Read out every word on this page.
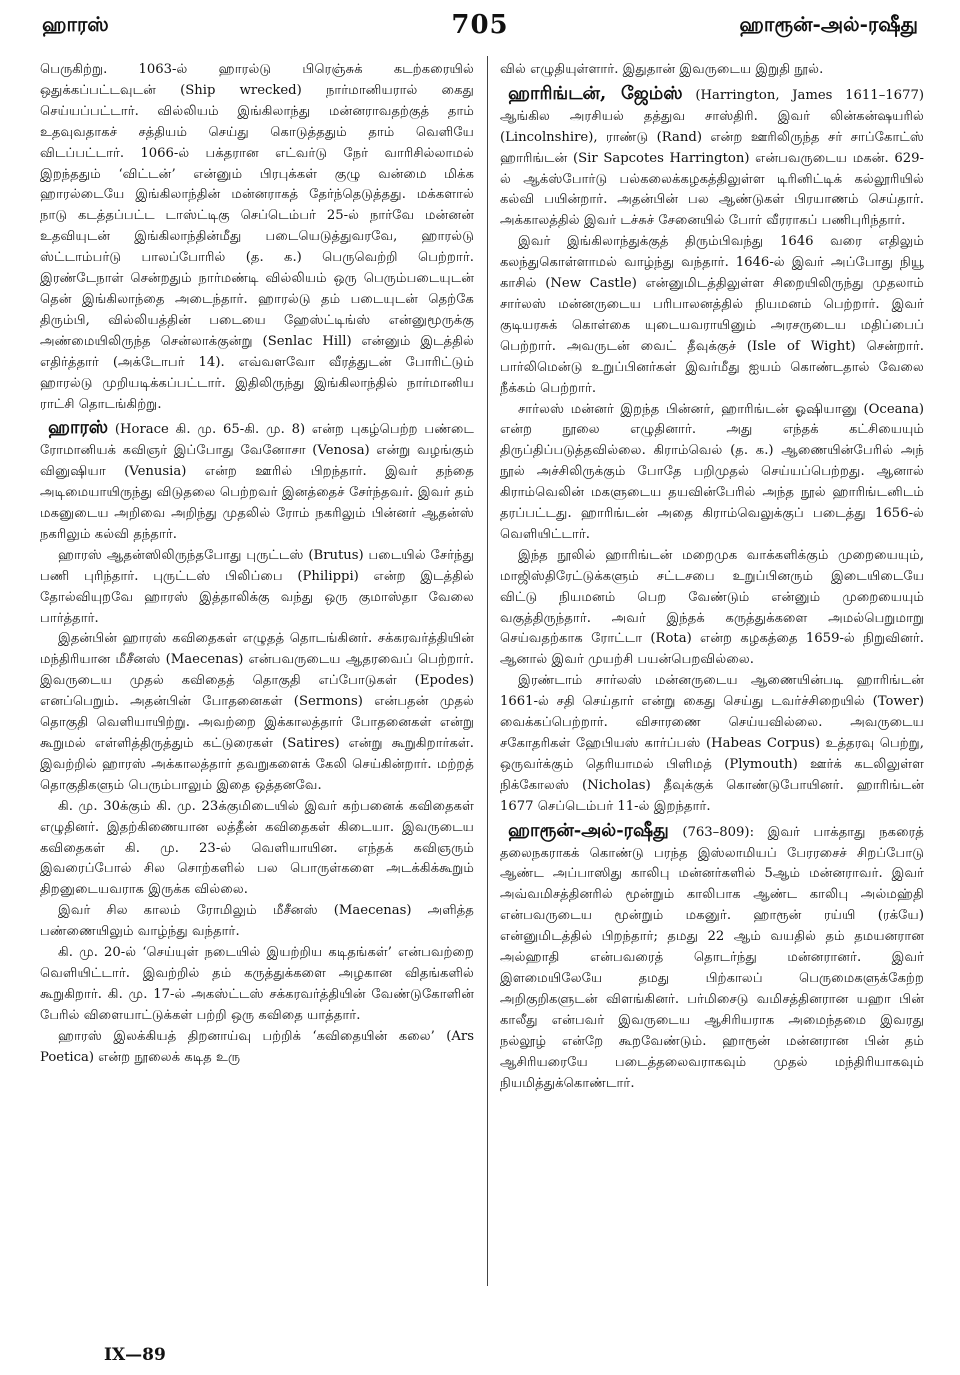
ஹாரஸ்	705	ஹாரூன்-அல்-ரஷீது

பெருகிற்று. 1063-ல் ஹாரல்டு பிரெஞ்சுக் கடற்கரையில் ஒதுக்கப்பட்டவுடன் (Ship wrecked) நார்மானியரால் கைது செய்யப்பட்டார். வில்லியம் இங்கிலாந்து மன்னராவதற்குத் தாம் உதவுவதாகச் சத்தியம் செய்து கொடுத்ததும் தாம் வெளியே விடப்பட்டார். 1066-ல் பக்தரான எட்வர்டு நேர் வாரிசில்லாமல் இறந்ததும் ‘விட்டன்’ என்னும் பிரபுக்கள் குழு வன்மை மிக்க ஹாரல்டையே இங்கிலாந்தின் மன்னராகத் தேர்ந்தெடுத்தது. மக்களால் நாடு கடத்தப்பட்ட டாஸ்ட்டிகு செப்டெம்பர் 25-ல் நார்வே மன்னன் உதவியுடன் இங்கிலாந்தின்மீது படையெடுத்துவரவே, ஹாரல்டு ஸ்ட்டாம்பர்டு பாலப்போரில் (த. க.) பெருவெற்றி பெற்றார். இரண்டேநாள் சென்றதும் நார்மண்டி வில்லியம் ஒரு பெரும்படையுடன் தென் இங்கிலாந்தை அடைந்தார். ஹாரல்டு தம் படையுடன் தெற்கே திரும்பி, வில்லியத்தின் படையை ஹேஸ்ட்டிங்ஸ் என்னுமூருக்கு அண்மையிலிருந்த சென்லாக்குன்று (Senlac Hill) என்னும் இடத்தில் எதிர்த்தார் (அக்டோபர் 14). எவ்வளவோ வீரத்துடன் போரிட்டும் ஹாரல்டு முறியடிக்கப்பட்டார். இதிலிருந்து இங்கிலாந்தில் நார்மானிய ராட்சி தொடங்கிற்று.

ஹாரஸ் (Horace கி. மு. 65-கி. மு. 8) என்ற புகழ்பெற்ற பண்டை ரோமானியக் கவிஞர் இப்போது வேனோசா (Venosa) என்று வழங்கும் வினுஷியா (Venusia) என்ற ஊரில் பிறந்தார். இவர் தந்தை அடிமையாயிருந்து விடுதலை பெற்றவர் இனத்தைச் சேர்ந்தவர். இவர் தம் மகனுடைய அறிவை அறிந்து முதலில் ரோம் நகரிலும் பின்னர் ஆதன்ஸ் நகரிலும் கல்வி தந்தார்.

ஹாரஸ் ஆதன்ஸிலிருந்தபோது புருட்டஸ் (Brutus) படையில் சேர்ந்து பணி புரிந்தார். புருட்டஸ் பிலிப்பை (Philippi) என்ற இடத்தில் தோல்வியுறவே ஹாரஸ் இத்தாலிக்கு வந்து ஒரு குமாஸ்தா வேலை பார்த்தார்.

இதன்பின் ஹாரஸ் கவிதைகள் எழுதத் தொடங்கினர். சக்கரவர்த்தியின் மந்திரியான மீசீனஸ் (Maecenas) என்பவருடைய ஆதரவைப் பெற்றார். இவருடைய முதல் கவிதைத் தொகுதி எப்போடுகள் (Epodes) எனப்பெறும். அதன்பின் போதனைகள் (Sermons) என்பதன் முதல் தொகுதி வெளியாயிற்று. அவற்றை இக்காலத்தார் போதனைகள் என்று கூறுமல் எள்ளித்திருத்தும் கட்டுரைகள் (Satires) என்று கூறுகிறார்கள். இவற்றில் ஹாரஸ் அக்காலத்தார் தவறுகளைக் கேலி செய்கின்றார். மற்றத் தொகுதிகளும் பெரும்பாலும் இதை ஒத்தனவே.

கி. மு. 30க்கும் கி. மு. 23க்குமிடையில் இவர் கற்பனைக் கவிதைகள் எழுதினர். இதற்கிணையான லத்தீன் கவிதைகள் கிடையா. இவருடைய கவிதைகள் கி. மு. 23-ல் வெளியாயின. எந்தக் கவிஞரும் இவரைப்போல் சில சொற்களில் பல பொருள்களை அடக்கிக்கூறும் திறனுடையவராக இருக்க வில்லை.

இவர் சில காலம் ரோமிலும் மீசீனஸ் (Maecenas) அளித்த பண்ணையிலும் வாழ்ந்து வந்தார்.

கி. மு. 20-ல் ‘செய்யுள் நடையில் இயற்றிய கடிதங்கள்’ என்பவற்றை வெளியிட்டார். இவற்றில் தம் கருத்துக்களை அழகான விதங்களில் கூறுகிறார். கி. மு. 17-ல் அகஸ்ட்டஸ் சக்கரவர்த்தியின் வேண்டுகோளின் பேரில் விளையாட்டுக்கள் பற்றி ஒரு கவிதை யாத்தார்.

ஹாரஸ் இலக்கியத் திறனாய்வு பற்றிக் ‘கவிதையின் கலை’ (Ars Poetica) என்ற நூலைக் கடித உரு

வில் எழுதியுள்ளார். இதுதான் இவருடைய இறுதி நூல்.

ஹாரிங்டன், ஜேம்ஸ் (Harrington, James 1611–1677) ஆங்கில அரசியல் தத்துவ சாஸ்திரி. இவர் லின்கன்ஷயரில் (Lincolnshire), ராண்டு (Rand) என்ற ஊரிலிருந்த சர் சாப்கோட்ஸ் ஹாரிங்டன் (Sir Sapcotes Harrington) என்பவருடைய மகன். 629-ல் ஆக்ஸ்போர்டு பல்கலைக்கழகத்திலுள்ள டிரினிட்டிக் கல்லூரியில் கல்வி பயின்றார். அதன்பின் பல ஆண்டுகள் பிரயாணம் செய்தார். அக்காலத்தில் இவர் டச்சுச் சேனையில் போர் வீரராகப் பணிபுரிந்தார்.

இவர் இங்கிலாந்துக்குத் திரும்பிவந்து 1646 வரை எதிலும் கலந்துகொள்ளாமல் வாழ்ந்து வந்தார். 1646-ல் இவர் அப்போது நியூ காசில் (New Castle) என்னுமிடத்திலுள்ள சிறையிலிருந்து முதலாம் சார்லஸ் மன்னருடைய பரிபாலனத்தில் நியமனம் பெற்றார். இவர் குடியரசுக் கொள்கை யுடையவராயினும் அரசருடைய மதிப்பைப் பெற்றார். அவருடன் வைட் தீவுக்குச் (Isle of Wight) சென்றார். பார்லிமென்டு உறுப்பினர்கள் இவர்மீது ஐயம் கொண்டதால் வேலை நீக்கம் பெற்றார்.

சார்லஸ் மன்னர் இறந்த பின்னர், ஹாரிங்டன் ஓஷியானு (Oceana) என்ற நூலை எழுதினார். அது எந்தக் கட்சியையும் திருப்திப்படுத்தவில்லை. கிராம்வெல் (த. க.) ஆணையின்பேரில் அந் நூல் அச்சிலிருக்கும் போதே பறிமுதல் செய்யப்பெற்றது. ஆனால் கிராம்வெலின் மகளுடைய தயவின்பேரில் அந்த நூல் ஹாரிங்டனிடம் தரப்பட்டது. ஹாரிங்டன் அதை கிராம்வெலுக்குப் படைத்து 1656-ல் வெளியிட்டார்.

இந்த நூலில் ஹாரிங்டன் மறைமுக வாக்களிக்கும் முறையையும், மாஜிஸ்திரேட்டுக்களும் சட்டசபை உறுப்பினரும் இடையிடையே விட்டு நியமனம் பெற வேண்டும் என்னும் முறையையும் வகுத்திருந்தார். அவர் இந்தக் கருத்துக்களை அமல்பெறுமாறு செய்வதற்காக ரோட்டா (Rota) என்ற கழகத்தை 1659-ல் நிறுவினர். ஆனால் இவர் முயற்சி பயன்பெறவில்லை.

இரண்டாம் சார்லஸ் மன்னருடைய ஆணையின்படி ஹாரிங்டன் 1661-ல் சதி செய்தார் என்று கைது செய்து டவர்ச்சிறையில் (Tower) வைக்கப்பெற்றார். விசாரணை செய்யவில்லை. அவருடைய சகோதரிகள் ஹேபியஸ் கார்ப்பஸ் (Habeas Corpus) உத்தரவு பெற்று, ஒருவர்க்கும் தெரியாமல் பிளிமத் (Plymouth) ஊர்க் கடலிலுள்ள நிக்கோலஸ் (Nicholas) தீவுக்குக் கொண்டுபோயினர். ஹாரிங்டன் 1677 செப்டெம்பர் 11-ல் இறந்தார்.

ஹாரூன்-அல்-ரஷீது (763–809): இவர் பாக்தாது நகரைத் தலைநகராகக் கொண்டு பரந்த இஸ்லாமியப் பேரரசைச் சிறப்போடு ஆண்ட அப்பாஸிது காலிபு மன்னர்களில் 5ஆம் மன்னராவர். இவர் அவ்வமிசத்தினரில் மூன்றும் காலிபாக ஆண்ட காலிபு அல்மஹ்தி என்பவருடைய மூன்றும் மகனுர். ஹாரூன் ரய்யி (ரக்யே) என்னுமிடத்தில் பிறந்தார்; தமது 22 ஆம் வயதில் தம் தமயனரான அல்ஹாதி என்பவரைத் தொடர்ந்து மன்னரானர். இவர் இளமையிலேயே தமது பிற்காலப் பெருமைகளுக்கேற்ற அறிகுறிகளுடன் விளங்கினர். பர்மிசைடு வமிசத்தினரான யஹா பின் காலீது என்பவர் இவருடைய ஆசிரியராக அமைந்தமை இவரது நல்லூழ் என்றே கூறவேண்டும். ஹாரூன் மன்னரான பின் தம் ஆசிரியரையே படைத்தலைவராகவும் முதல் மந்திரியாகவும் நியமித்துக்கொண்டார்.

IX—89
